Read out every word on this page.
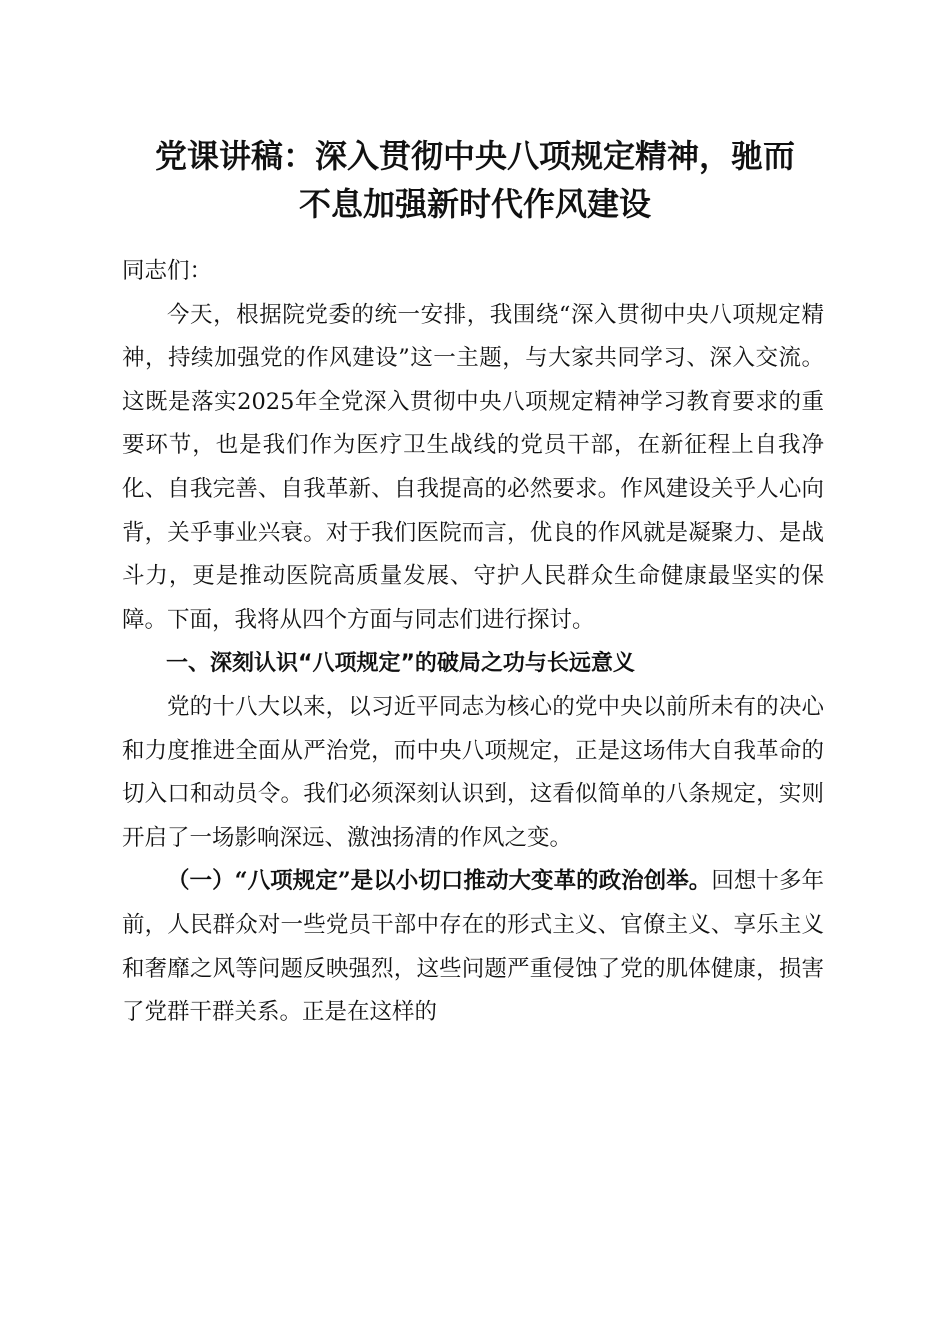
党课讲稿：深入贯彻中央八项规定精神，驰而
不息加强新时代作风建设

同志们：

今天，根据院党委的统一安排，我围绕“深入贯彻中央八项规定精神，持续加强党的作风建设”这一主题，与大家共同学习、深入交流。这既是落实2025年全党深入贯彻中央八项规定精神学习教育要求的重要环节，也是我们作为医疗卫生战线的党员干部，在新征程上自我净化、自我完善、自我革新、自我提高的必然要求。作风建设关乎人心向背，关乎事业兴衰。对于我们医院而言，优良的作风就是凝聚力、是战斗力，更是推动医院高质量发展、守护人民群众生命健康最坚实的保障。下面，我将从四个方面与同志们进行探讨。

一、深刻认识“八项规定”的破局之功与长远意义

党的十八大以来，以习近平同志为核心的党中央以前所未有的决心和力度推进全面从严治党，而中央八项规定，正是这场伟大自我革命的切入口和动员令。我们必须深刻认识到，这看似简单的八条规定，实则开启了一场影响深远、激浊扬清的作风之变。

（一）“八项规定”是以小切口推动大变革的政治创举。回想十多年前，人民群众对一些党员干部中存在的形式主义、官僚主义、享乐主义和奢靡之风等问题反映强烈，这些问题严重侵蚀了党的肌体健康，损害了党群干群关系。正是在这样的
